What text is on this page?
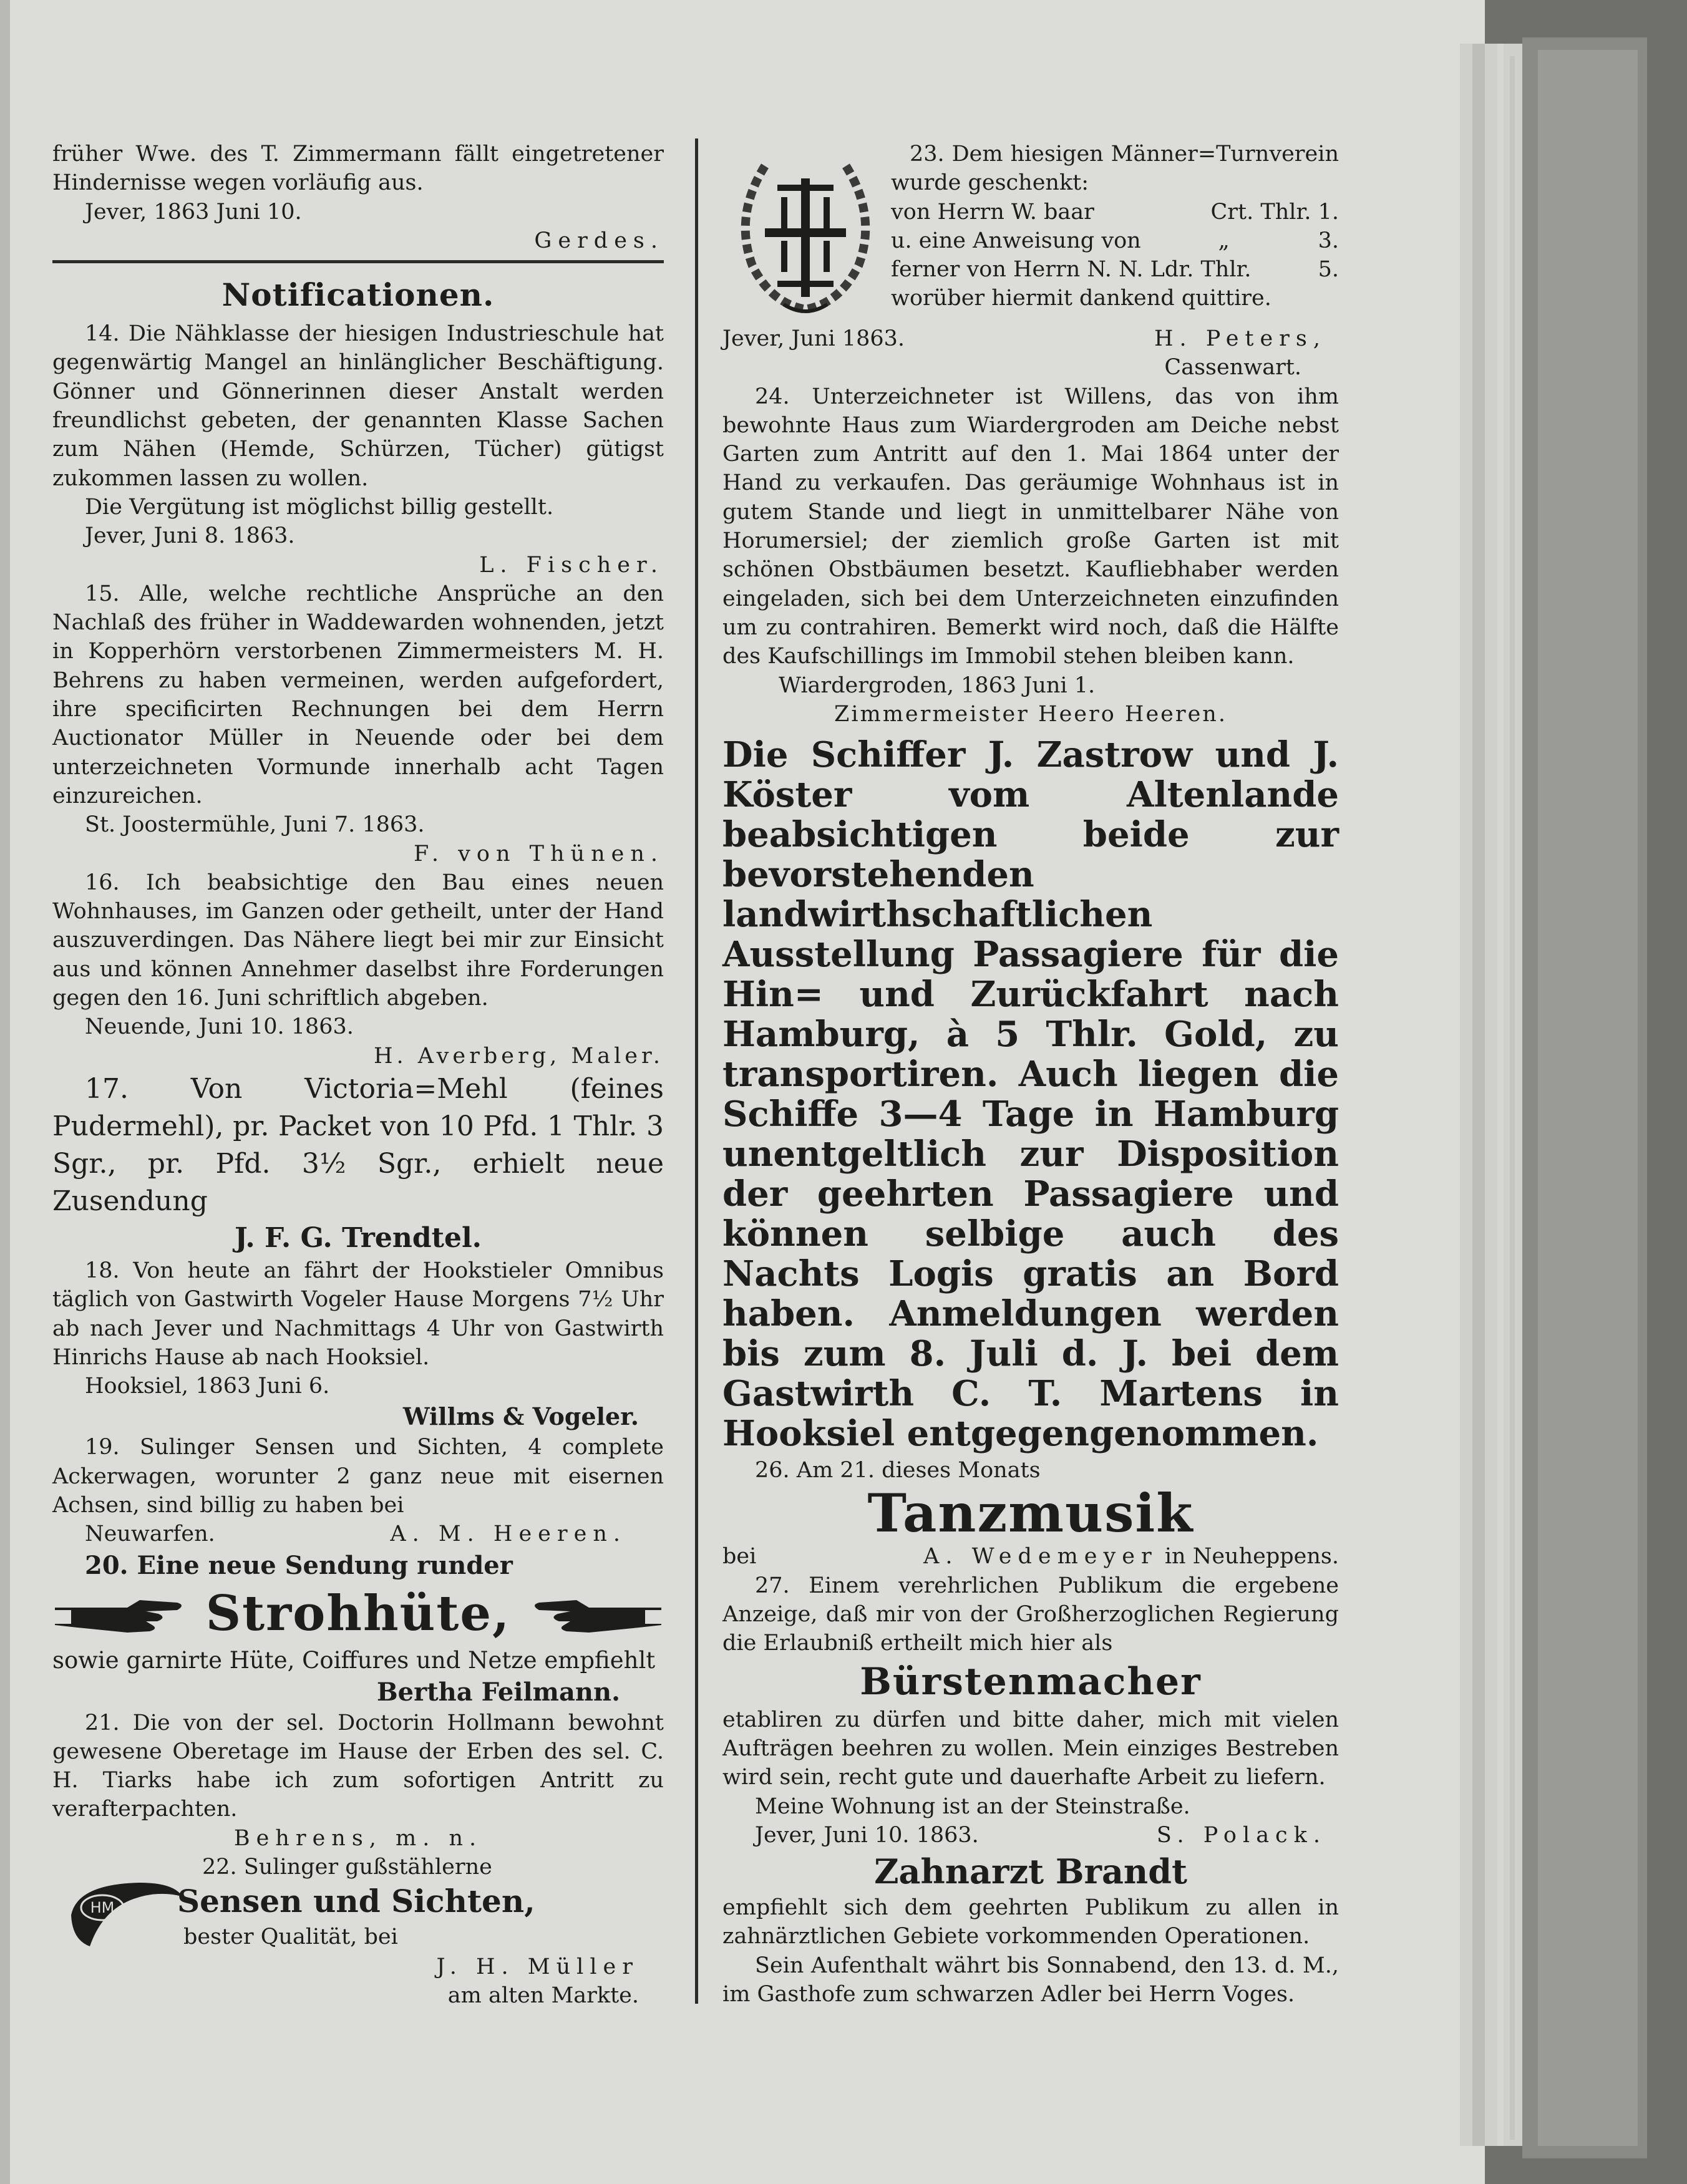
früher Wwe. des T. Zimmermann fällt eingetretener Hindernisse wegen vorläufig aus.

Jever, 1863 Juni 10.

Gerdes.

Notificationen.

14. Die Nähklasse der hiesigen Industrieschule hat gegenwärtig Mangel an hinlänglicher Beschäftigung. Gönner und Gönnerinnen dieser Anstalt werden freundlichst gebeten, der genannten Klasse Sachen zum Nähen (Hemde, Schürzen, Tücher) gütigst zukommen lassen zu wollen.

Die Vergütung ist möglichst billig gestellt.

Jever, Juni 8. 1863.

L. Fischer.

15. Alle, welche rechtliche Ansprüche an den Nachlaß des früher in Waddewarden wohnenden, jetzt in Kopperhörn verstorbenen Zimmermeisters M. H. Behrens zu haben vermeinen, werden aufgefordert, ihre specificirten Rechnungen bei dem Herrn Auctionator Müller in Neuende oder bei dem unterzeichneten Vormunde innerhalb acht Tagen einzureichen.

St. Joostermühle, Juni 7. 1863.

F. von Thünen.

16. Ich beabsichtige den Bau eines neuen Wohnhauses, im Ganzen oder getheilt, unter der Hand auszuverdingen. Das Nähere liegt bei mir zur Einsicht aus und können Annehmer daselbst ihre Forderungen gegen den 16. Juni schriftlich abgeben.

Neuende, Juni 10. 1863.

H. Averberg, Maler.

17. Von Victoria=Mehl (feines Pudermehl), pr. Packet von 10 Pfd. 1 Thlr. 3 Sgr., pr. Pfd. 3½ Sgr., erhielt neue Zusendung

J. F. G. Trendtel.

18. Von heute an fährt der Hookstieler Omnibus täglich von Gastwirth Vogeler Hause Morgens 7½ Uhr ab nach Jever und Nachmittags 4 Uhr von Gastwirth Hinrichs Hause ab nach Hooksiel.

Hooksiel, 1863 Juni 6.

Willms & Vogeler.

19. Sulinger Sensen und Sichten, 4 complete Ackerwagen, worunter 2 ganz neue mit eisernen Achsen, sind billig zu haben bei

Neuwarfen.	A. M. Heeren.

20. Eine neue Sendung runder

Strohhüte,

sowie garnirte Hüte, Coiffures und Netze empfiehlt

Bertha Feilmann.

21. Die von der sel. Doctorin Hollmann bewohnt gewesene Oberetage im Hause der Erben des sel. C. H. Tiarks habe ich zum sofortigen Antritt zu verafterpachten.

Behrens, m. n.

HM

22. Sulinger gußstählerne

Sensen und Sichten,

bester Qualität, bei

J. H. Müller

am alten Markte.

23. Dem hiesigen Männer=Turnverein wurde geschenkt:

von Herrn W. baar	Crt. Thlr. 1.
u. eine Anweisung von	„	3.
ferner von Herrn N. N. Ldr. Thlr.	5.

worüber hiermit dankend quittire.

Jever, Juni 1863.	H. Peters,

Cassenwart.

24. Unterzeichneter ist Willens, das von ihm bewohnte Haus zum Wiardergroden am Deiche nebst Garten zum Antritt auf den 1. Mai 1864 unter der Hand zu verkaufen. Das geräumige Wohnhaus ist in gutem Stande und liegt in unmittelbarer Nähe von Horumersiel; der ziemlich große Garten ist mit schönen Obstbäumen besetzt. Kaufliebhaber werden eingeladen, sich bei dem Unterzeichneten einzufinden um zu contrahiren. Bemerkt wird noch, daß die Hälfte des Kaufschillings im Immobil stehen bleiben kann.

Wiardergroden, 1863 Juni 1.

Zimmermeister Heero Heeren.

Die Schiffer J. Zastrow und J. Köster vom Altenlande beabsichtigen beide zur bevorstehenden landwirthschaftlichen Ausstellung Passagiere für die Hin= und Zurückfahrt nach Hamburg, à 5 Thlr. Gold, zu transportiren. Auch liegen die Schiffe 3—4 Tage in Hamburg unentgeltlich zur Disposition der geehrten Passagiere und können selbige auch des Nachts Logis gratis an Bord haben. Anmeldungen werden bis zum 8. Juli d. J. bei dem Gastwirth C. T. Martens in Hooksiel entgegengenommen.

26. Am 21. dieses Monats

Tanzmusik

bei	A. Wedemeyer in Neuheppens.

27. Einem verehrlichen Publikum die ergebene Anzeige, daß mir von der Großherzoglichen Regierung die Erlaubniß ertheilt mich hier als

Bürstenmacher

etabliren zu dürfen und bitte daher, mich mit vielen Aufträgen beehren zu wollen. Mein einziges Bestreben wird sein, recht gute und dauerhafte Arbeit zu liefern.

Meine Wohnung ist an der Steinstraße.

Jever, Juni 10. 1863.	S. Polack.

Zahnarzt Brandt

empfiehlt sich dem geehrten Publikum zu allen in zahnärztlichen Gebiete vorkommenden Operationen.

Sein Aufenthalt währt bis Sonnabend, den 13. d. M., im Gasthofe zum schwarzen Adler bei Herrn Voges.
